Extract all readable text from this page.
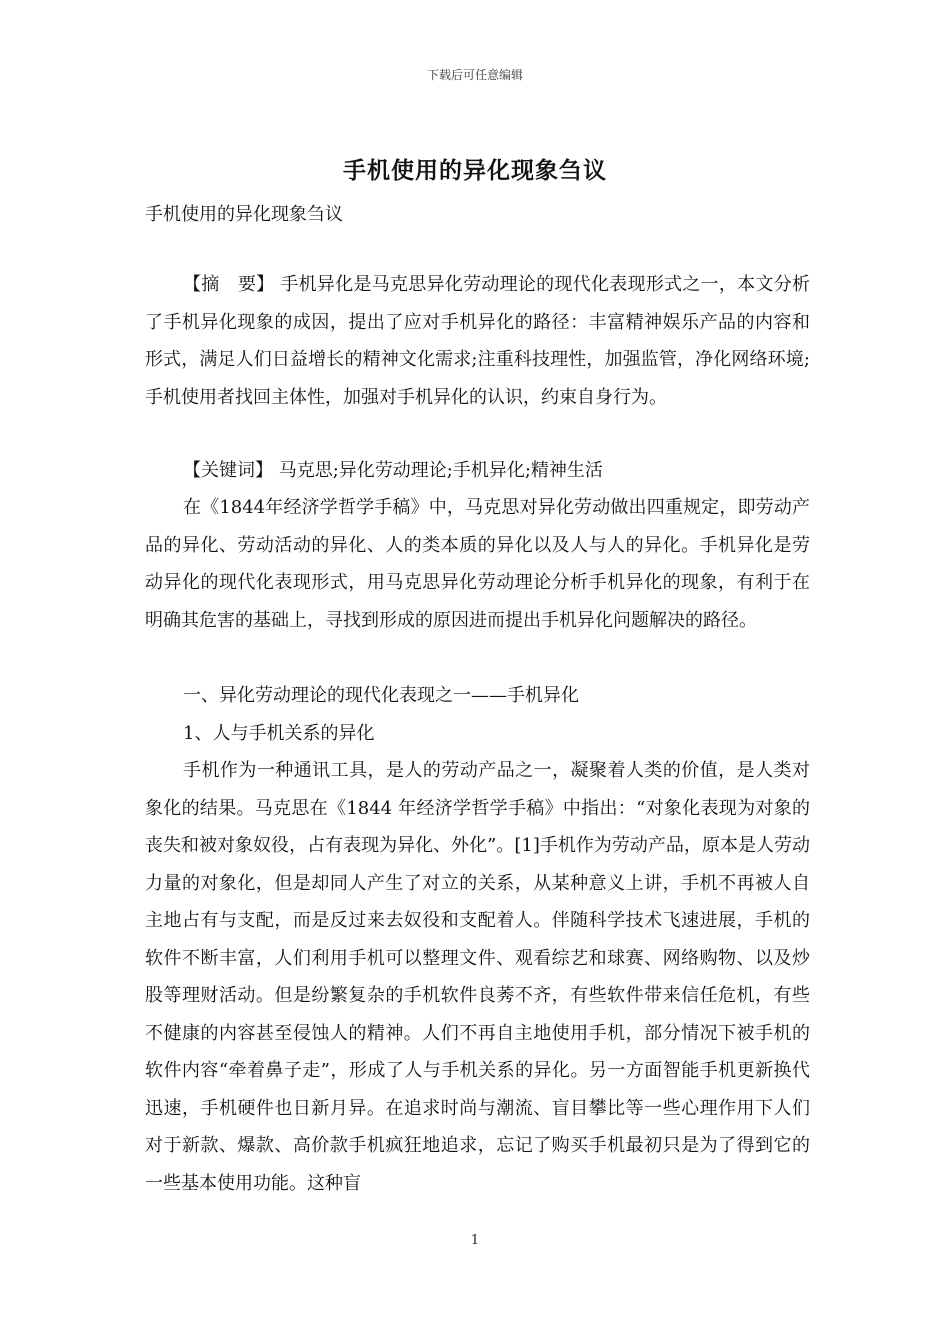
下载后可任意编辑
手机使用的异化现象刍议
手机使用的异化现象刍议
【摘　要】 手机异化是马克思异化劳动理论的现代化表现形式之一，本文分析了手机异化现象的成因，提出了应对手机异化的路径：丰富精神娱乐产品的内容和形式，满足人们日益增长的精神文化需求;注重科技理性，加强监管，净化网络环境;手机使用者找回主体性，加强对手机异化的认识，约束自身行为。
【关键词】 马克思;异化劳动理论;手机异化;精神生活
在《1844年经济学哲学手稿》中，马克思对异化劳动做出四重规定，即劳动产品的异化、劳动活动的异化、人的类本质的异化以及人与人的异化。手机异化是劳动异化的现代化表现形式，用马克思异化劳动理论分析手机异化的现象，有利于在明确其危害的基础上，寻找到形成的原因进而提出手机异化问题解决的路径。
一、异化劳动理论的现代化表现之一——手机异化
1、人与手机关系的异化
手机作为一种通讯工具，是人的劳动产品之一，凝聚着人类的价值，是人类对象化的结果。马克思在《1844 年经济学哲学手稿》中指出：“对象化表现为对象的丧失和被对象奴役，占有表现为异化、外化”。[1]手机作为劳动产品，原本是人劳动力量的对象化，但是却同人产生了对立的关系，从某种意义上讲，手机不再被人自主地占有与支配，而是反过来去奴役和支配着人。伴随科学技术飞速进展，手机的软件不断丰富，人们利用手机可以整理文件、观看综艺和球赛、网络购物、以及炒股等理财活动。但是纷繁复杂的手机软件良莠不齐，有些软件带来信任危机，有些不健康的内容甚至侵蚀人的精神。人们不再自主地使用手机，部分情况下被手机的软件内容“牵着鼻子走”，形成了人与手机关系的异化。另一方面智能手机更新换代迅速，手机硬件也日新月异。在追求时尚与潮流、盲目攀比等一些心理作用下人们对于新款、爆款、高价款手机疯狂地追求，忘记了购买手机最初只是为了得到它的一些基本使用功能。这种盲
1
